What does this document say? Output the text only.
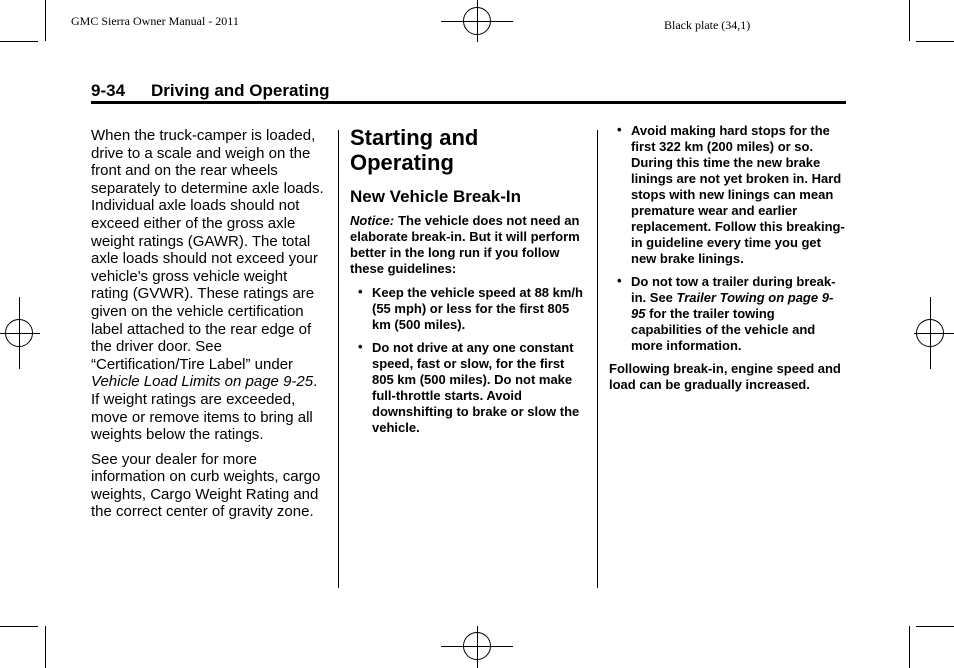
GMC Sierra Owner Manual - 2011	Black plate (34,1)
9-34 Driving and Operating

When the truck-camper is loaded, drive to a scale and weigh on the front and on the rear wheels separately to determine axle loads. Individual axle loads should not exceed either of the gross axle weight ratings (GAWR). The total axle loads should not exceed your vehicle's gross vehicle weight rating (GVWR). These ratings are given on the vehicle certification label attached to the rear edge of the driver door. See “Certification/Tire Label” under Vehicle Load Limits on page 9-25. If weight ratings are exceeded, move or remove items to bring all weights below the ratings.

See your dealer for more information on curb weights, cargo weights, Cargo Weight Rating and the correct center of gravity zone.

Starting and Operating
New Vehicle Break-In

Notice: The vehicle does not need an elaborate break-in. But it will perform better in the long run if you follow these guidelines:

• Keep the vehicle speed at 88 km/h (55 mph) or less for the first 805 km (500 miles).
• Do not drive at any one constant speed, fast or slow, for the first 805 km (500 miles). Do not make full-throttle starts. Avoid downshifting to brake or slow the vehicle.
• Avoid making hard stops for the first 322 km (200 miles) or so. During this time the new brake linings are not yet broken in. Hard stops with new linings can mean premature wear and earlier replacement. Follow this breaking-in guideline every time you get new brake linings.
• Do not tow a trailer during break-in. See Trailer Towing on page 9-95 for the trailer towing capabilities of the vehicle and more information.

Following break-in, engine speed and load can be gradually increased.
